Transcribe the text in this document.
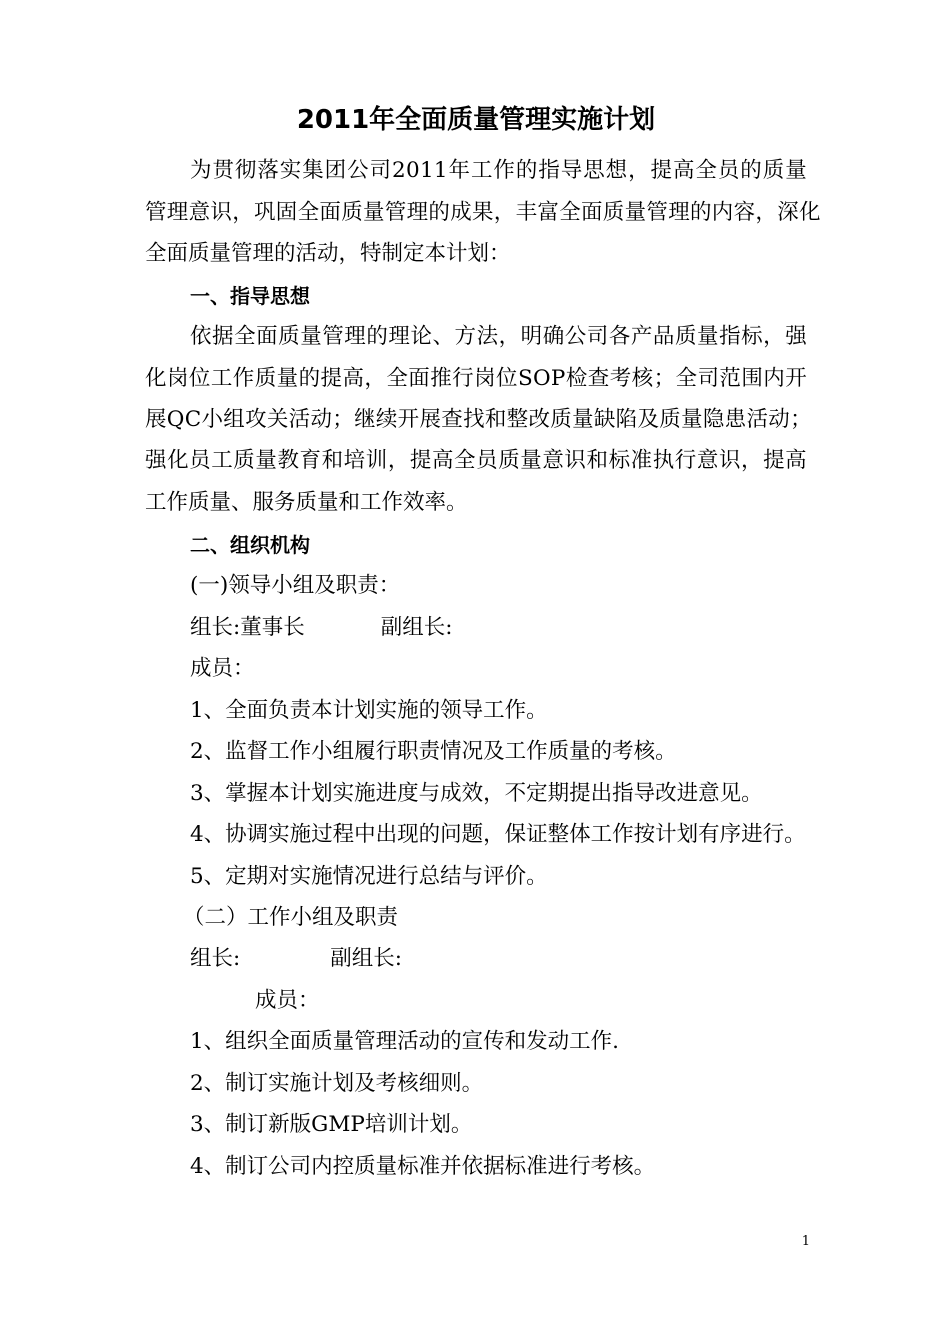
2011年全面质量管理实施计划
为贯彻落实集团公司2011年工作的指导思想，提高全员的质量
管理意识，巩固全面质量管理的成果，丰富全面质量管理的内容，深化
全面质量管理的活动，特制定本计划：
一、指导思想
依据全面质量管理的理论、方法，明确公司各产品质量指标，强
化岗位工作质量的提高，全面推行岗位SOP检查考核；全司范围内开
展QC小组攻关活动；继续开展查找和整改质量缺陷及质量隐患活动；
强化员工质量教育和培训，提高全员质量意识和标准执行意识，提高
工作质量、服务质量和工作效率。
二、组织机构
(一)领导小组及职责：
组长:董事长	副组长:
成员：
1、全面负责本计划实施的领导工作。
2、监督工作小组履行职责情况及工作质量的考核。
3、掌握本计划实施进度与成效，不定期提出指导改进意见。
4、协调实施过程中出现的问题，保证整体工作按计划有序进行。
5、定期对实施情况进行总结与评价。
（二）工作小组及职责
组长:	副组长:
成员：
1、组织全面质量管理活动的宣传和发动工作.
2、制订实施计划及考核细则。
3、制订新版GMP培训计划。
4、制订公司内控质量标准并依据标准进行考核。
1
